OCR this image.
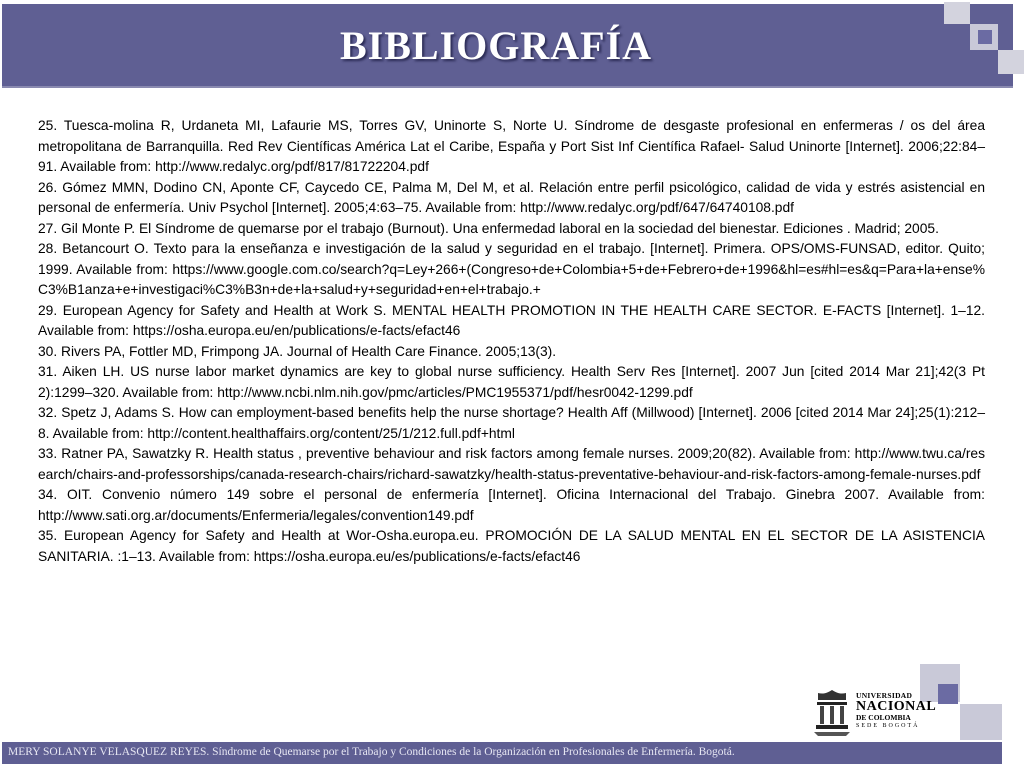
BIBLIOGRAFÍA

25. Tuesca-molina R, Urdaneta MI, Lafaurie MS, Torres GV, Uninorte S, Norte U. Síndrome de desgaste profesional en enfermeras / os del área metropolitana de Barranquilla. Red Rev Científicas América Lat el Caribe, España y Port Sist Inf Científica Rafael- Salud Uninorte [Internet]. 2006;22:84–91. Available from: http://www.redalyc.org/pdf/817/81722204.pdf

26. Gómez MMN, Dodino CN, Aponte CF, Caycedo CE, Palma M, Del M, et al. Relación entre perfil psicológico, calidad de vida y estrés asistencial en personal de enfermería. Univ Psychol [Internet]. 2005;4:63–75. Available from: http://www.redalyc.org/pdf/647/64740108.pdf

27. Gil Monte P. El Síndrome de quemarse por el trabajo (Burnout). Una enfermedad laboral en la sociedad del bienestar. Ediciones . Madrid; 2005.

28. Betancourt O. Texto para la enseñanza e investigación de la salud y seguridad en el trabajo. [Internet]. Primera. OPS/OMS-FUNSAD, editor. Quito; 1999. Available from: https://www.google.com.co/search?q=Ley+266+(Congreso+de+Colombia+5+de+Febrero+de+1996&hl=es#hl=es&q=Para+la+ense%C3%B1anza+e+investigaci%C3%B3n+de+la+salud+y+seguridad+en+el+trabajo.+

29. European Agency for Safety and Health at Work S. MENTAL HEALTH PROMOTION IN THE HEALTH CARE SECTOR. E-FACTS [Internet]. 1–12. Available from: https://osha.europa.eu/en/publications/e-facts/efact46

30. Rivers PA, Fottler MD, Frimpong JA. Journal of Health Care Finance. 2005;13(3).

31. Aiken LH. US nurse labor market dynamics are key to global nurse sufficiency. Health Serv Res [Internet]. 2007 Jun [cited 2014 Mar 21];42(3 Pt 2):1299–320. Available from: http://www.ncbi.nlm.nih.gov/pmc/articles/PMC1955371/pdf/hesr0042-1299.pdf

32. Spetz J, Adams S. How can employment-based benefits help the nurse shortage? Health Aff (Millwood) [Internet]. 2006 [cited 2014 Mar 24];25(1):212–8. Available from: http://content.healthaffairs.org/content/25/1/212.full.pdf+html

33. Ratner PA, Sawatzky R. Health status , preventive behaviour and risk factors among female nurses. 2009;20(82). Available from: http://www.twu.ca/research/chairs-and-professorships/canada-research-chairs/richard-sawatzky/health-status-preventative-behaviour-and-risk-factors-among-female-nurses.pdf

34. OIT. Convenio número 149 sobre el personal de enfermería [Internet]. Oficina Internacional del Trabajo. Ginebra 2007. Available from: http://www.sati.org.ar/documents/Enfermeria/legales/convention149.pdf

35. European Agency for Safety and Health at Wor-Osha.europa.eu. PROMOCIÓN DE LA SALUD MENTAL EN EL SECTOR DE LA ASISTENCIA SANITARIA. :1–13. Available from: https://osha.europa.eu/es/publications/e-facts/efact46

UNIVERSIDAD
NACIONAL
DE COLOMBIA
SEDE BOGOTÁ
MERY SOLANYE VELASQUEZ REYES. Síndrome de Quemarse por el Trabajo y Condiciones de la Organización en Profesionales de Enfermería. Bogotá.
